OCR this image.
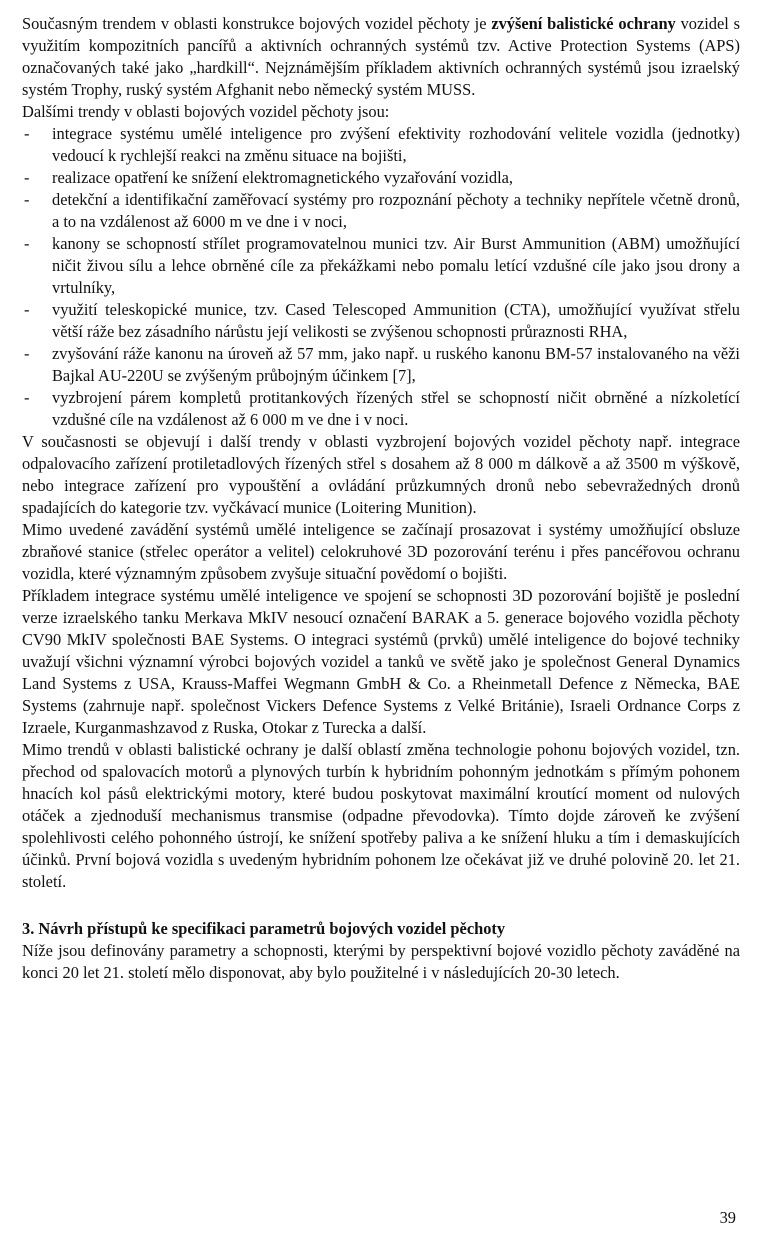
Současným trendem v oblasti konstrukce bojových vozidel pěchoty je zvýšení balistické ochrany vozidel s využitím kompozitních pancířů a aktivních ochranných systémů tzv. Active Protection Systems (APS) označovaných také jako „hardkill“. Nejznámějším příkladem aktivních ochranných systémů jsou izraelský systém Trophy, ruský systém Afghanit nebo německý systém MUSS.

Dalšími trendy v oblasti bojových vozidel pěchoty jsou:

- integrace systému umělé inteligence pro zvýšení efektivity rozhodování velitele vozidla (jednotky) vedoucí k rychlejší reakci na změnu situace na bojišti,
- realizace opatření ke snížení elektromagnetického vyzařování vozidla,
- detekční a identifikační zaměřovací systémy pro rozpoznání pěchoty a techniky nepřítele včetně dronů, a to na vzdálenost až 6000 m ve dne i v noci,
- kanony se schopností střílet programovatelnou munici tzv. Air Burst Ammunition (ABM) umožňující ničit živou sílu a lehce obrněné cíle za překážkami nebo pomalu letící vzdušné cíle jako jsou drony a vrtulníky,
- využití teleskopické munice, tzv. Cased Telescoped Ammunition (CTA), umožňující využívat střelu větší ráže bez zásadního nárůstu její velikosti se zvýšenou schopnosti průraznosti RHA,
- zvyšování ráže kanonu na úroveň až 57 mm, jako např. u ruského kanonu BM-57 instalovaného na věži Bajkal AU-220U se zvýšeným průbojným účinkem [7],
- vyzbrojení párem kompletů protitankových řízených střel se schopností ničit obrněné a nízkoletící vzdušné cíle na vzdálenost až 6 000 m ve dne i v noci.

V současnosti se objevují i další trendy v oblasti vyzbrojení bojových vozidel pěchoty např. integrace odpalovacího zařízení protiletadlových řízených střel s dosahem až 8 000 m dálkově a až 3500 m výškově, nebo integrace zařízení pro vypouštění a ovládání průzkumných dronů nebo sebevražedných dronů spadajících do kategorie tzv. vyčkávací munice (Loitering Munition).

Mimo uvedené zavádění systémů umělé inteligence se začínají prosazovat i systémy umožňující obsluze zbraňové stanice (střelec operátor a velitel) celokruhové 3D pozorování terénu i přes pancéřovou ochranu vozidla, které významným způsobem zvyšuje situační povědomí o bojišti.

Příkladem integrace systému umělé inteligence ve spojení se schopnosti 3D pozorování bojiště je poslední verze izraelského tanku Merkava MkIV nesoucí označení BARAK a 5. generace bojového vozidla pěchoty CV90 MkIV společnosti BAE Systems. O integraci systémů (prvků) umělé inteligence do bojové techniky uvažují všichni významní výrobci bojových vozidel a tanků ve světě jako je společnost General Dynamics Land Systems z USA, Krauss-Maffei Wegmann GmbH & Co. a Rheinmetall Defence z Německa, BAE Systems (zahrnuje např. společnost Vickers Defence Systems z Velké Británie), Israeli Ordnance Corps z Izraele, Kurganmashzavod z Ruska, Otokar z Turecka a další.

Mimo trendů v oblasti balistické ochrany je další oblastí změna technologie pohonu bojových vozidel, tzn. přechod od spalovacích motorů a plynových turbín k hybridním pohonným jednotkám s přímým pohonem hnacích kol pásů elektrickými motory, které budou poskytovat maximální kroutící moment od nulových otáček a zjednoduší mechanismus transmise (odpadne převodovka). Tímto dojde zároveň ke zvýšení spolehlivosti celého pohonného ústrojí, ke snížení spotřeby paliva a ke snížení hluku a tím i demaskujících účinků. První bojová vozidla s uvedeným hybridním pohonem lze očekávat již ve druhé polovině 20. let 21. století.

3. Návrh přístupů ke specifikaci parametrů bojových vozidel pěchoty

Níže jsou definovány parametry a schopnosti, kterými by perspektivní bojové vozidlo pěchoty zaváděné na konci 20 let 21. století mělo disponovat, aby bylo použitelné i v následujících 20-30 letech.

39
